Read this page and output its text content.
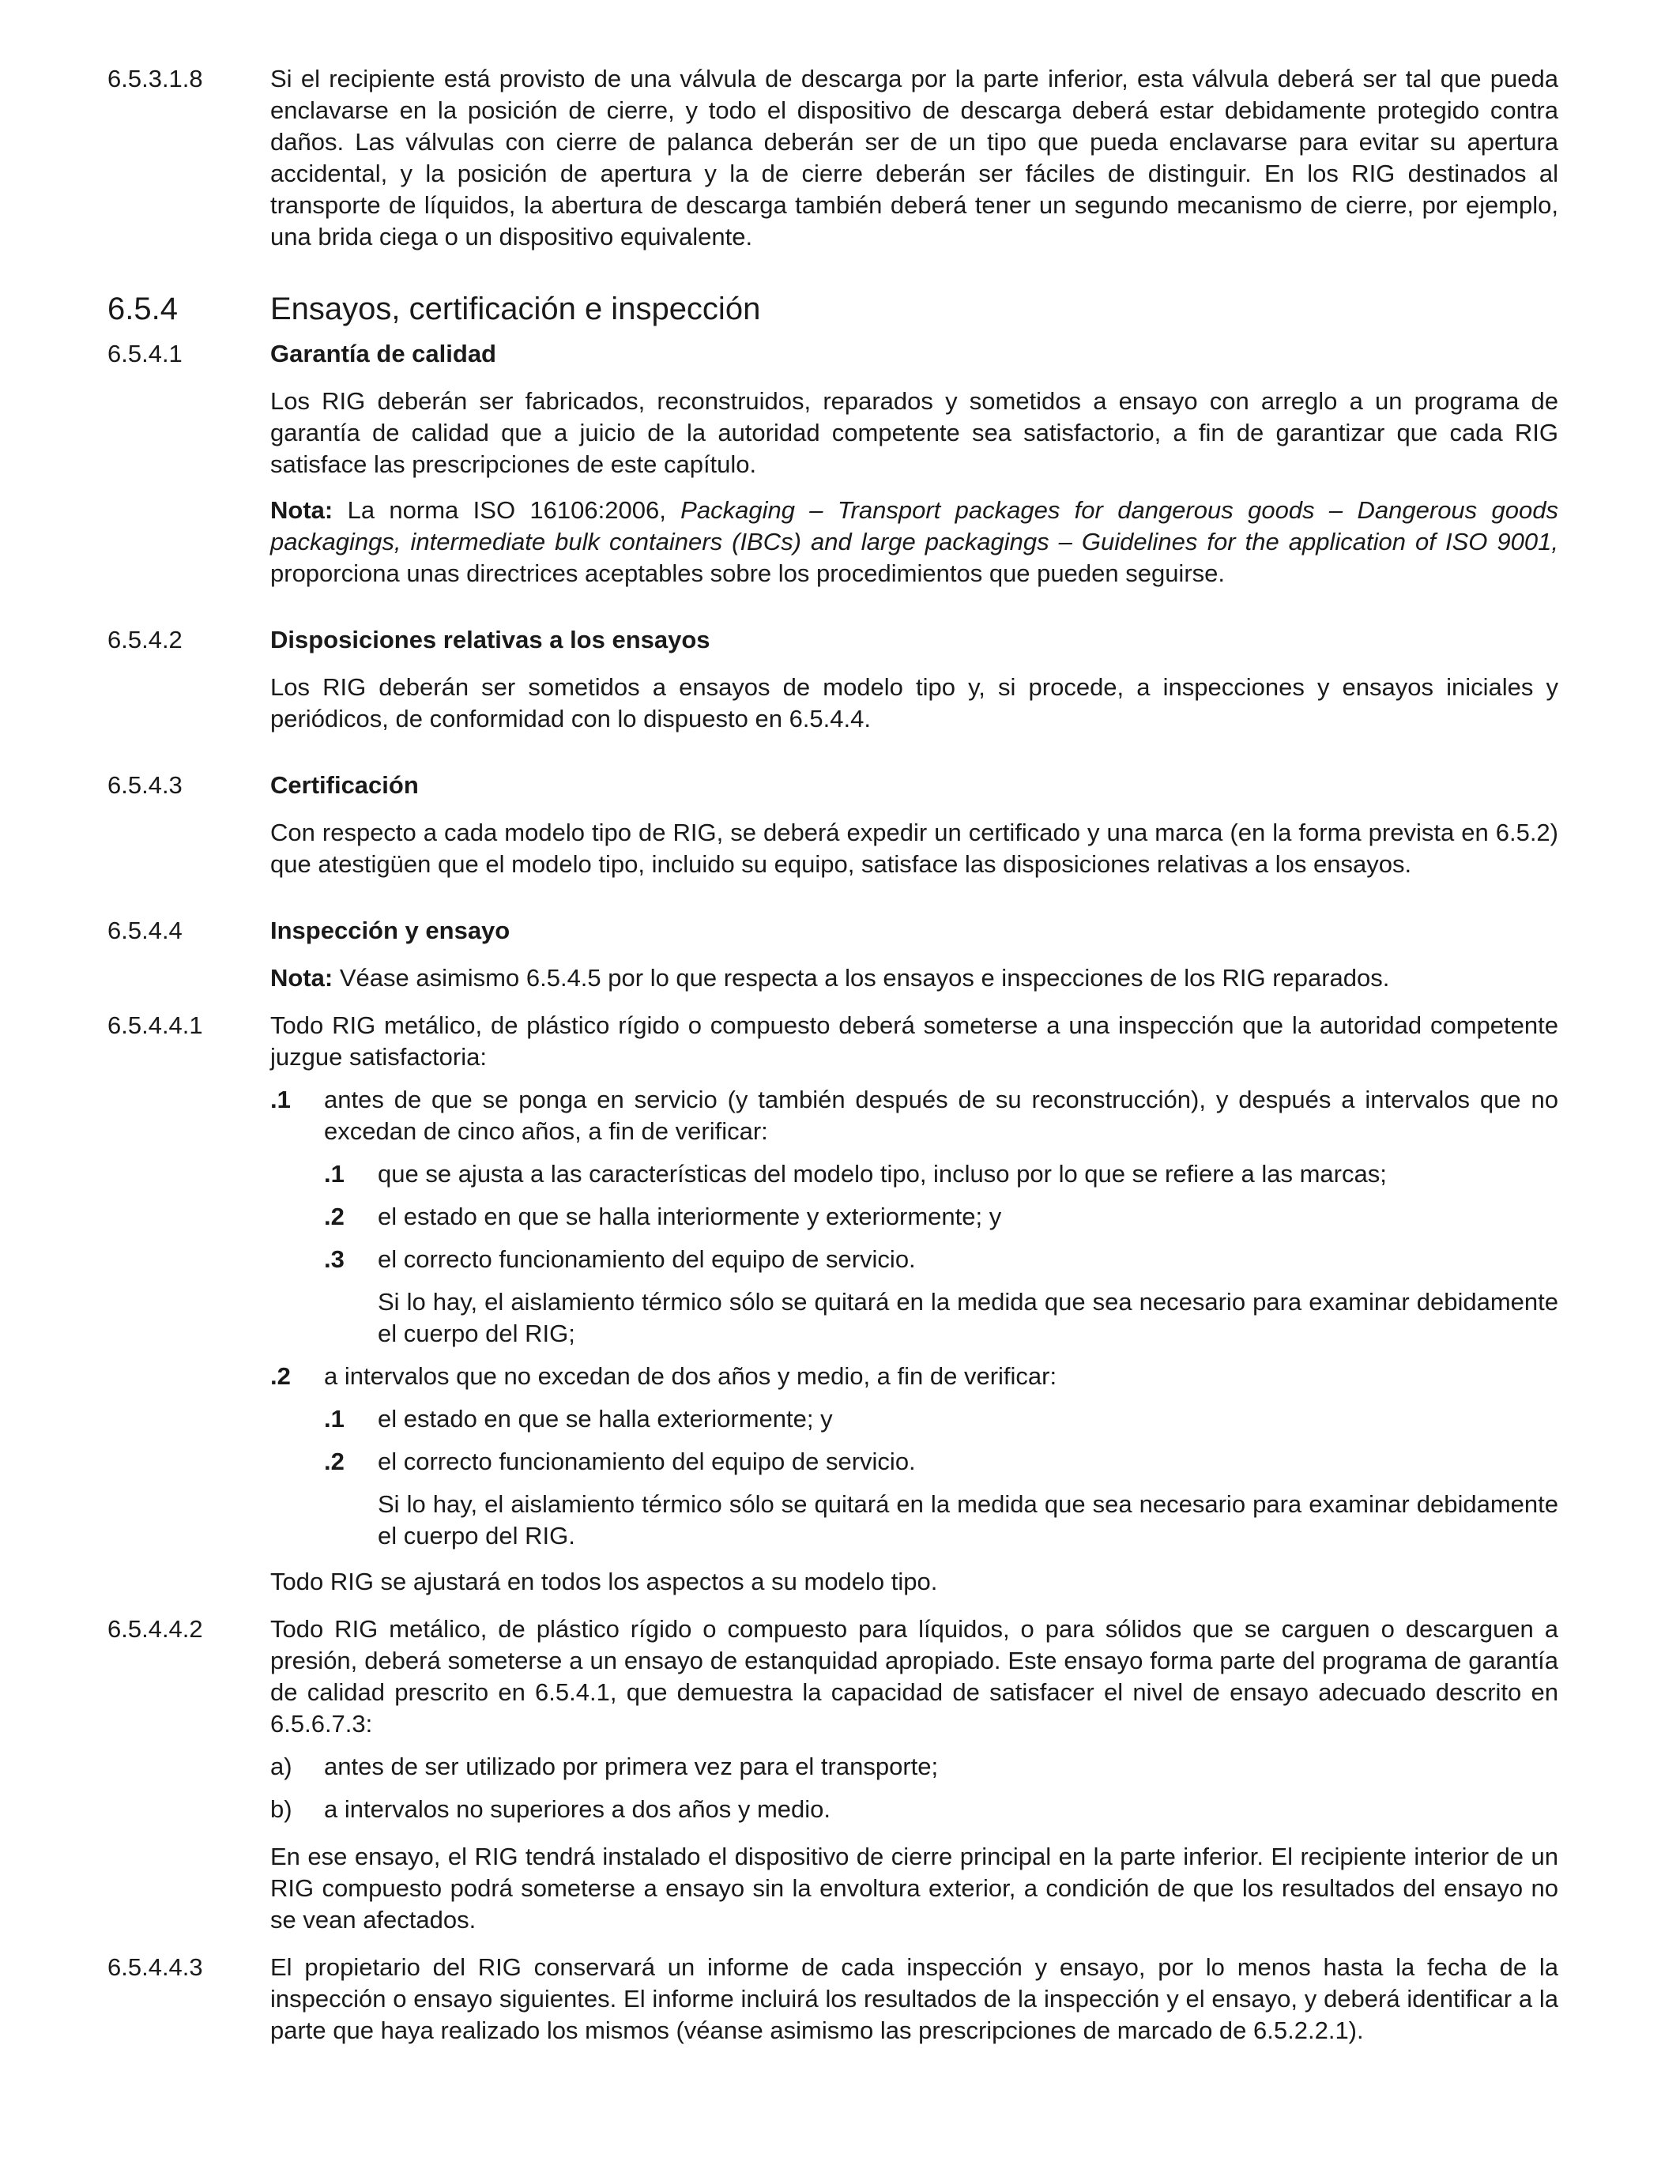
6.5.3.1.8	Si el recipiente está provisto de una válvula de descarga por la parte inferior, esta válvula deberá ser tal que pueda enclavarse en la posición de cierre, y todo el dispositivo de descarga deberá estar debidamente protegido contra daños. Las válvulas con cierre de palanca deberán ser de un tipo que pueda enclavarse para evitar su apertura accidental, y la posición de apertura y la de cierre deberán ser fáciles de distinguir. En los RIG destinados al transporte de líquidos, la abertura de descarga también deberá tener un segundo mecanismo de cierre, por ejemplo, una brida ciega o un dispositivo equivalente.

6.5.4	Ensayos, certificación e inspección
6.5.4.1	Garantía de calidad

Los RIG deberán ser fabricados, reconstruidos, reparados y sometidos a ensayo con arreglo a un programa de garantía de calidad que a juicio de la autoridad competente sea satisfactorio, a fin de garantizar que cada RIG satisface las prescripciones de este capítulo.

Nota: La norma ISO 16106:2006, Packaging – Transport packages for dangerous goods – Dangerous goods packagings, intermediate bulk containers (IBCs) and large packagings – Guidelines for the application of ISO 9001, proporciona unas directrices aceptables sobre los procedimientos que pueden seguirse.

6.5.4.2	Disposiciones relativas a los ensayos

Los RIG deberán ser sometidos a ensayos de modelo tipo y, si procede, a inspecciones y ensayos iniciales y periódicos, de conformidad con lo dispuesto en 6.5.4.4.

6.5.4.3	Certificación

Con respecto a cada modelo tipo de RIG, se deberá expedir un certificado y una marca (en la forma prevista en 6.5.2) que atestigüen que el modelo tipo, incluido su equipo, satisface las disposiciones relativas a los ensayos.

6.5.4.4	Inspección y ensayo

Nota: Véase asimismo 6.5.4.5 por lo que respecta a los ensayos e inspecciones de los RIG reparados.

6.5.4.4.1	Todo RIG metálico, de plástico rígido o compuesto deberá someterse a una inspección que la autoridad competente juzgue satisfactoria:

.1	antes de que se ponga en servicio (y también después de su reconstrucción), y después a intervalos que no excedan de cinco años, a fin de verificar:

.1	que se ajusta a las características del modelo tipo, incluso por lo que se refiere a las marcas;
.2	el estado en que se halla interiormente y exteriormente; y
.3	el correcto funcionamiento del equipo de servicio.

Si lo hay, el aislamiento térmico sólo se quitará en la medida que sea necesario para examinar debidamente el cuerpo del RIG;

.2	a intervalos que no excedan de dos años y medio, a fin de verificar:

.1	el estado en que se halla exteriormente; y
.2	el correcto funcionamiento del equipo de servicio.

Si lo hay, el aislamiento térmico sólo se quitará en la medida que sea necesario para examinar debidamente el cuerpo del RIG.

Todo RIG se ajustará en todos los aspectos a su modelo tipo.

6.5.4.4.2	Todo RIG metálico, de plástico rígido o compuesto para líquidos, o para sólidos que se carguen o descarguen a presión, deberá someterse a un ensayo de estanquidad apropiado. Este ensayo forma parte del programa de garantía de calidad prescrito en 6.5.4.1, que demuestra la capacidad de satisfacer el nivel de ensayo adecuado descrito en 6.5.6.7.3:

a)	antes de ser utilizado por primera vez para el transporte;
b)	a intervalos no superiores a dos años y medio.

En ese ensayo, el RIG tendrá instalado el dispositivo de cierre principal en la parte inferior. El recipiente interior de un RIG compuesto podrá someterse a ensayo sin la envoltura exterior, a condición de que los resultados del ensayo no se vean afectados.

6.5.4.4.3	El propietario del RIG conservará un informe de cada inspección y ensayo, por lo menos hasta la fecha de la inspección o ensayo siguientes. El informe incluirá los resultados de la inspección y el ensayo, y deberá identificar a la parte que haya realizado los mismos (véanse asimismo las prescripciones de marcado de 6.5.2.2.1).
